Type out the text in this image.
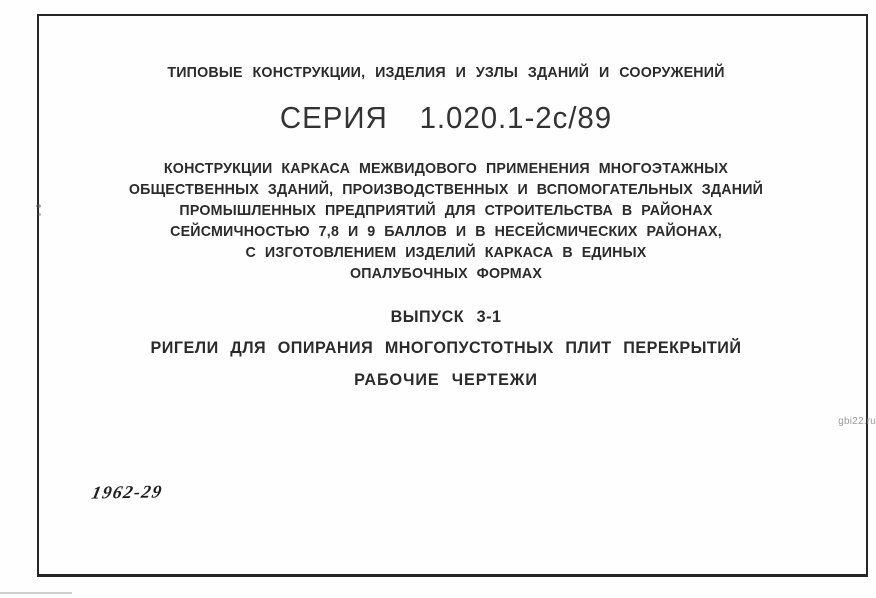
ТИПОВЫЕ КОНСТРУКЦИИ, ИЗДЕЛИЯ И УЗЛЫ ЗДАНИЙ И СООРУЖЕНИЙ
СЕРИЯ 1.020.1-2с/89
КОНСТРУКЦИИ КАРКАСА МЕЖВИДОВОГО ПРИМЕНЕНИЯ МНОГОЭТАЖНЫХ
ОБЩЕСТВЕННЫХ ЗДАНИЙ, ПРОИЗВОДСТВЕННЫХ И ВСПОМОГАТЕЛЬНЫХ ЗДАНИЙ
ПРОМЫШЛЕННЫХ ПРЕДПРИЯТИЙ ДЛЯ СТРОИТЕЛЬСТВА В РАЙОНАХ
СЕЙСМИЧНОСТЬЮ 7,8 И 9 БАЛЛОВ И В НЕСЕЙСМИЧЕСКИХ РАЙОНАХ,
С ИЗГОТОВЛЕНИЕМ ИЗДЕЛИЙ КАРКАСА В ЕДИНЫХ
ОПАЛУБОЧНЫХ ФОРМАХ
ВЫПУСК 3-1
РИГЕЛИ ДЛЯ ОПИРАНИЯ МНОГОПУСТОТНЫХ ПЛИТ ПЕРЕКРЫТИЙ
РАБОЧИЕ ЧЕРТЕЖИ
gbi22.ru
1962-29
